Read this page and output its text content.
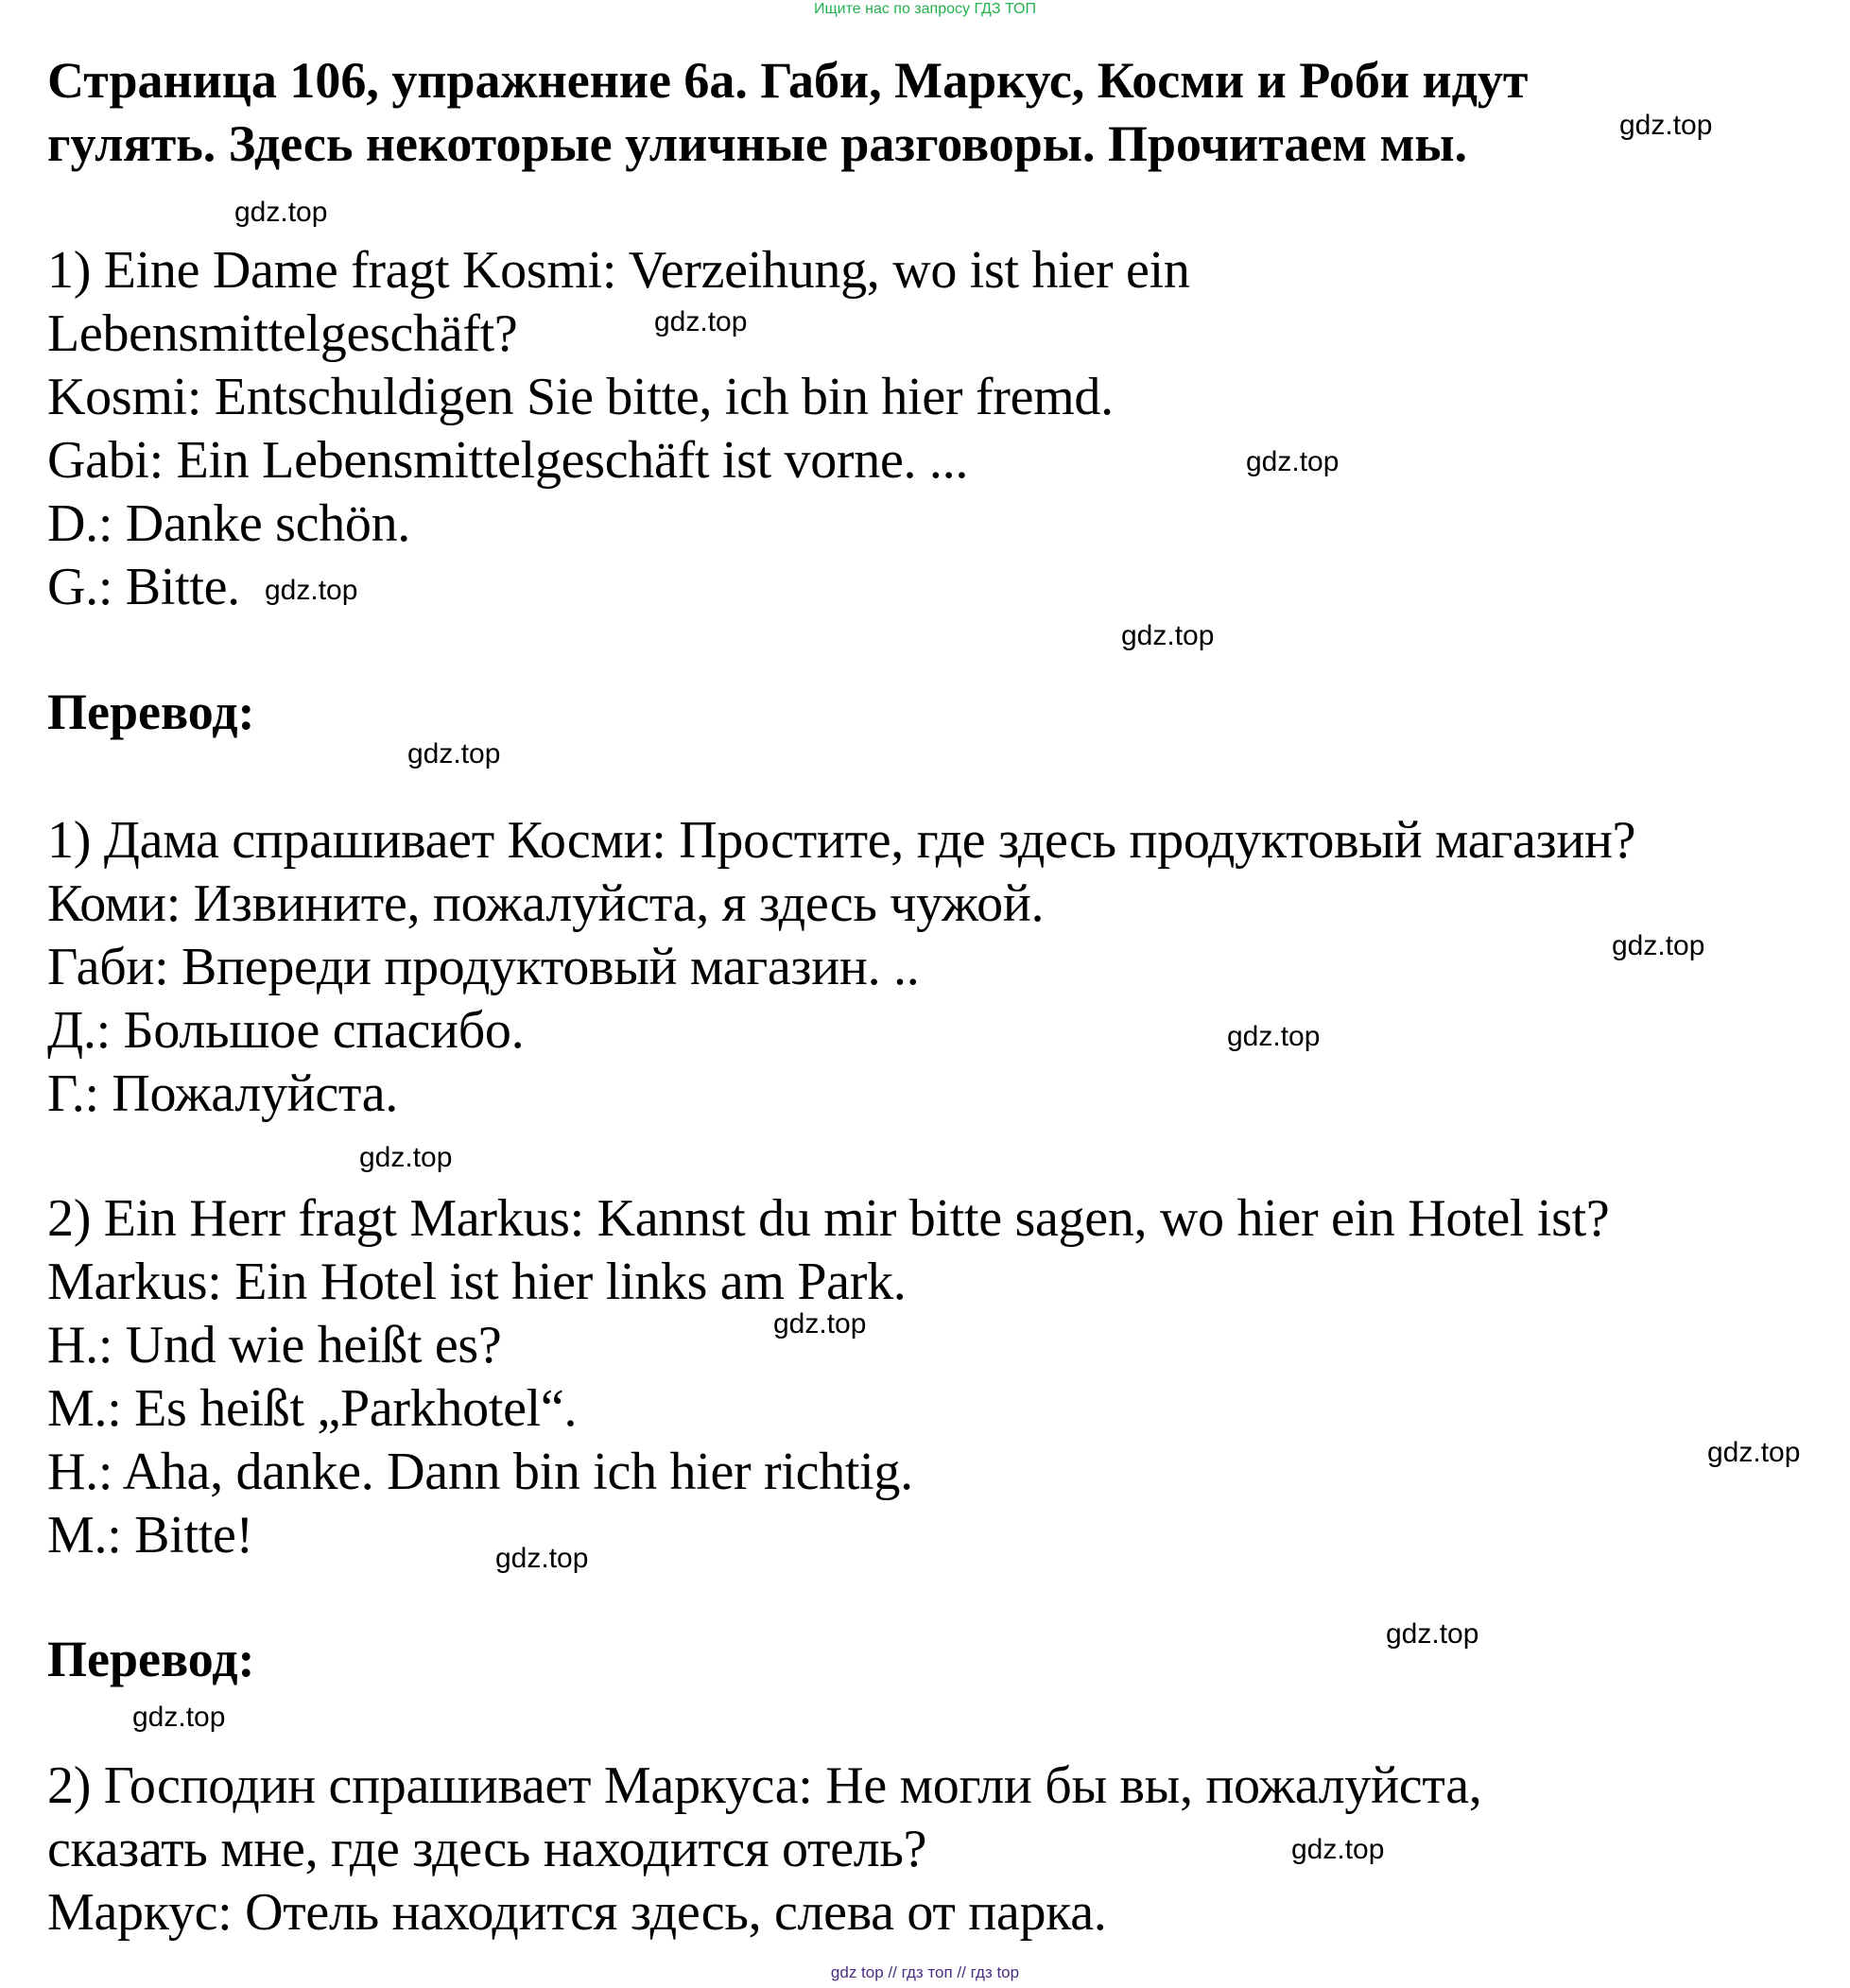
Ищите нас по запросу ГДЗ ТОП
Страница 106, упражнение 6а. Габи, Маркус, Косми и Роби идут
гулять. Здесь некоторые уличные разговоры. Прочитаем мы.
1) Eine Dame fragt Kosmi: Verzeihung, wo ist hier ein
Lebensmittelgeschäft?
Kosmi: Entschuldigen Sie bitte, ich bin hier fremd.
Gabi: Ein Lebensmittelgeschäft ist vorne. ...
D.: Danke schön.
G.: Bitte.
Перевод:
1) Дама спрашивает Косми: Простите, где здесь продуктовый магазин?
Коми: Извините, пожалуйста, я здесь чужой.
Габи: Впереди продуктовый магазин. ..
Д.: Большое спасибо.
Г.: Пожалуйста.
2) Ein Herr fragt Markus: Kannst du mir bitte sagen, wo hier ein Hotel ist?
Markus: Ein Hotel ist hier links am Park.
H.: Und wie heißt es?
M.: Es heißt „Parkhotel“.
H.: Aha, danke. Dann bin ich hier richtig.
M.: Bitte!
Перевод:
2) Господин спрашивает Маркуса: Не могли бы вы, пожалуйста,
сказать мне, где здесь находится отель?
Маркус: Отель находится здесь, слева от парка.
gdz.top
gdz.top
gdz.top
gdz.top
gdz.top
gdz.top
gdz.top
gdz.top
gdz.top
gdz.top
gdz.top
gdz.top
gdz.top
gdz.top
gdz.top
gdz.top
gdz top // гдз топ // гдз top
